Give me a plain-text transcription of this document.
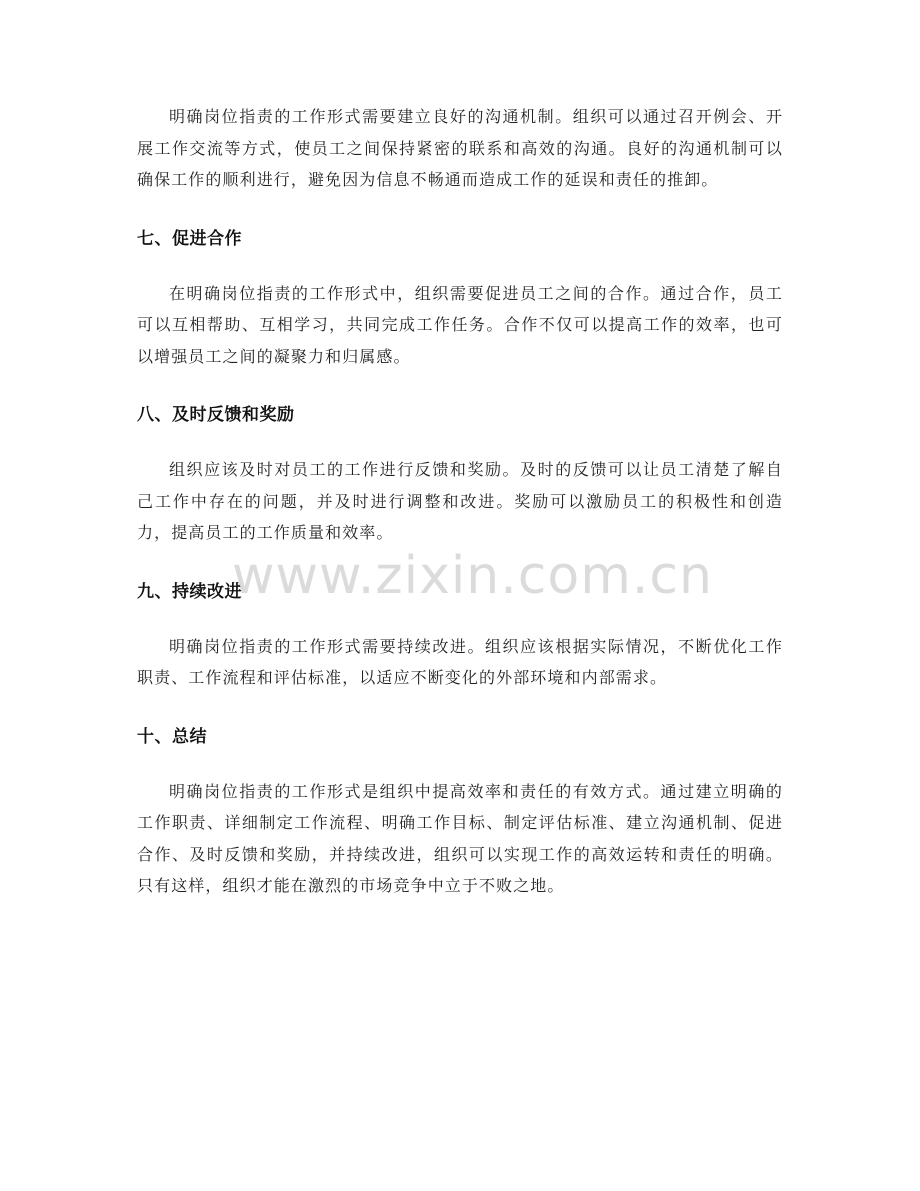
明确岗位指责的工作形式需要建立良好的沟通机制。组织可以通过召开例会、开展工作交流等方式，使员工之间保持紧密的联系和高效的沟通。良好的沟通机制可以确保工作的顺利进行，避免因为信息不畅通而造成工作的延误和责任的推卸。

七、促进合作

在明确岗位指责的工作形式中，组织需要促进员工之间的合作。通过合作，员工可以互相帮助、互相学习，共同完成工作任务。合作不仅可以提高工作的效率，也可以增强员工之间的凝聚力和归属感。

八、及时反馈和奖励

组织应该及时对员工的工作进行反馈和奖励。及时的反馈可以让员工清楚了解自己工作中存在的问题，并及时进行调整和改进。奖励可以激励员工的积极性和创造力，提高员工的工作质量和效率。

九、持续改进

明确岗位指责的工作形式需要持续改进。组织应该根据实际情况，不断优化工作职责、工作流程和评估标准，以适应不断变化的外部环境和内部需求。

十、总结

明确岗位指责的工作形式是组织中提高效率和责任的有效方式。通过建立明确的工作职责、详细制定工作流程、明确工作目标、制定评估标准、建立沟通机制、促进合作、及时反馈和奖励，并持续改进，组织可以实现工作的高效运转和责任的明确。只有这样，组织才能在激烈的市场竞争中立于不败之地。

www.zixin.com.cn
